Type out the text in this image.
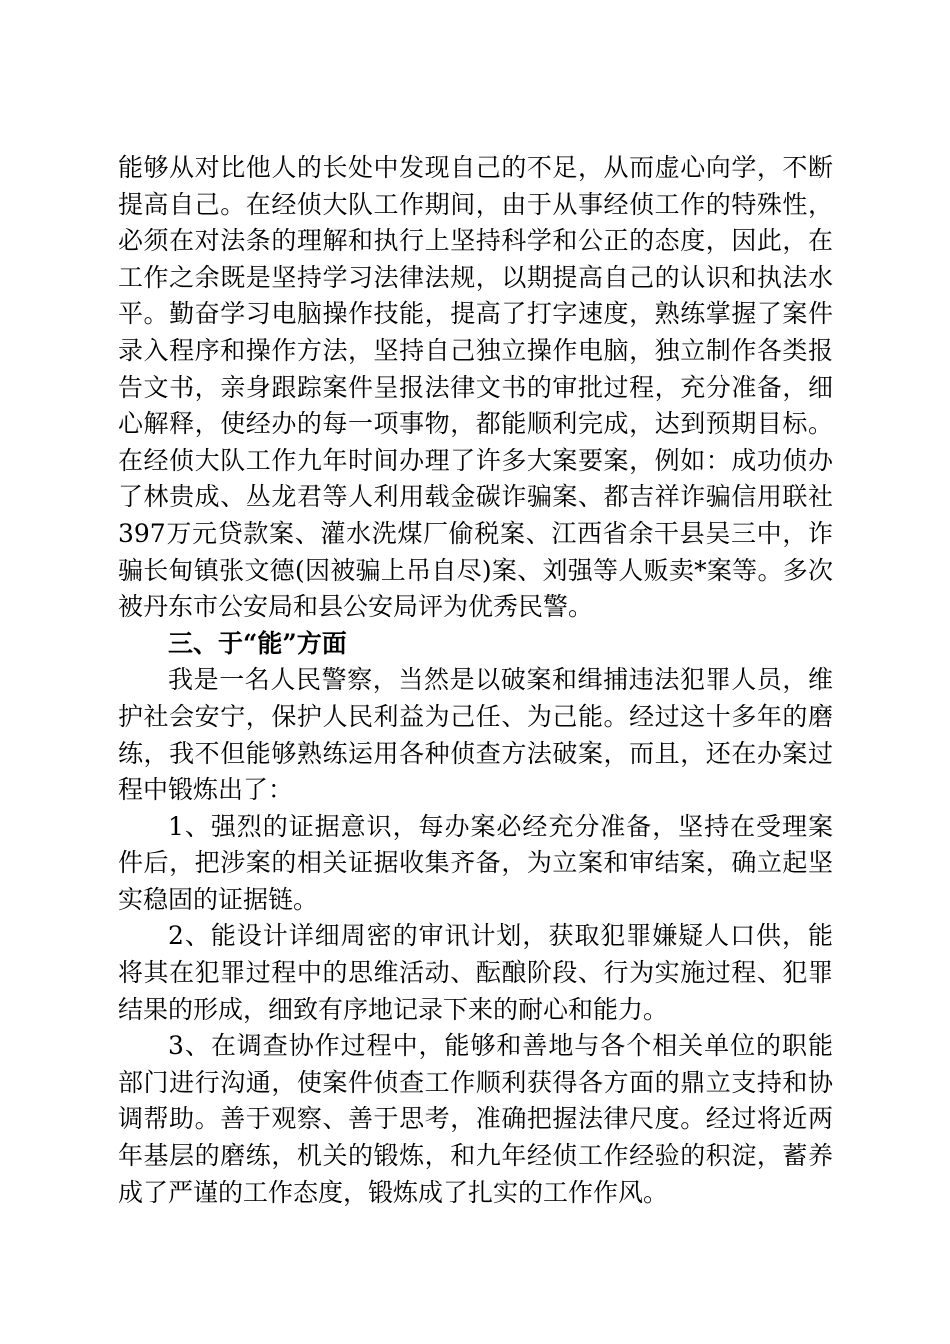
能够从对比他人的长处中发现自己的不足，从而虚心向学，不断提高自己。在经侦大队工作期间，由于从事经侦工作的特殊性，必须在对法条的理解和执行上坚持科学和公正的态度，因此，在工作之余既是坚持学习法律法规，以期提高自己的认识和执法水平。勤奋学习电脑操作技能，提高了打字速度，熟练掌握了案件录入程序和操作方法，坚持自己独立操作电脑，独立制作各类报告文书，亲身跟踪案件呈报法律文书的审批过程，充分准备，细心解释，使经办的每一项事物，都能顺利完成，达到预期目标。在经侦大队工作九年时间办理了许多大案要案，例如：成功侦办了林贵成、丛龙君等人利用载金碳诈骗案、都吉祥诈骗信用联社397万元贷款案、灌水洗煤厂偷税案、江西省余干县吴三中，诈骗长甸镇张文德(因被骗上吊自尽)案、刘强等人贩卖*案等。多次被丹东市公安局和县公安局评为优秀民警。

三、于“能”方面

我是一名人民警察，当然是以破案和缉捕违法犯罪人员，维护社会安宁，保护人民利益为己任、为己能。经过这十多年的磨练，我不但能够熟练运用各种侦查方法破案，而且，还在办案过程中锻炼出了：

1、强烈的证据意识，每办案必经充分准备，坚持在受理案件后，把涉案的相关证据收集齐备，为立案和审结案，确立起坚实稳固的证据链。

2、能设计详细周密的审讯计划，获取犯罪嫌疑人口供，能将其在犯罪过程中的思维活动、酝酿阶段、行为实施过程、犯罪结果的形成，细致有序地记录下来的耐心和能力。

3、在调查协作过程中，能够和善地与各个相关单位的职能部门进行沟通，使案件侦查工作顺利获得各方面的鼎立支持和协调帮助。善于观察、善于思考，准确把握法律尺度。经过将近两年基层的磨练，机关的锻炼，和九年经侦工作经验的积淀，蓄养成了严谨的工作态度，锻炼成了扎实的工作作风。
